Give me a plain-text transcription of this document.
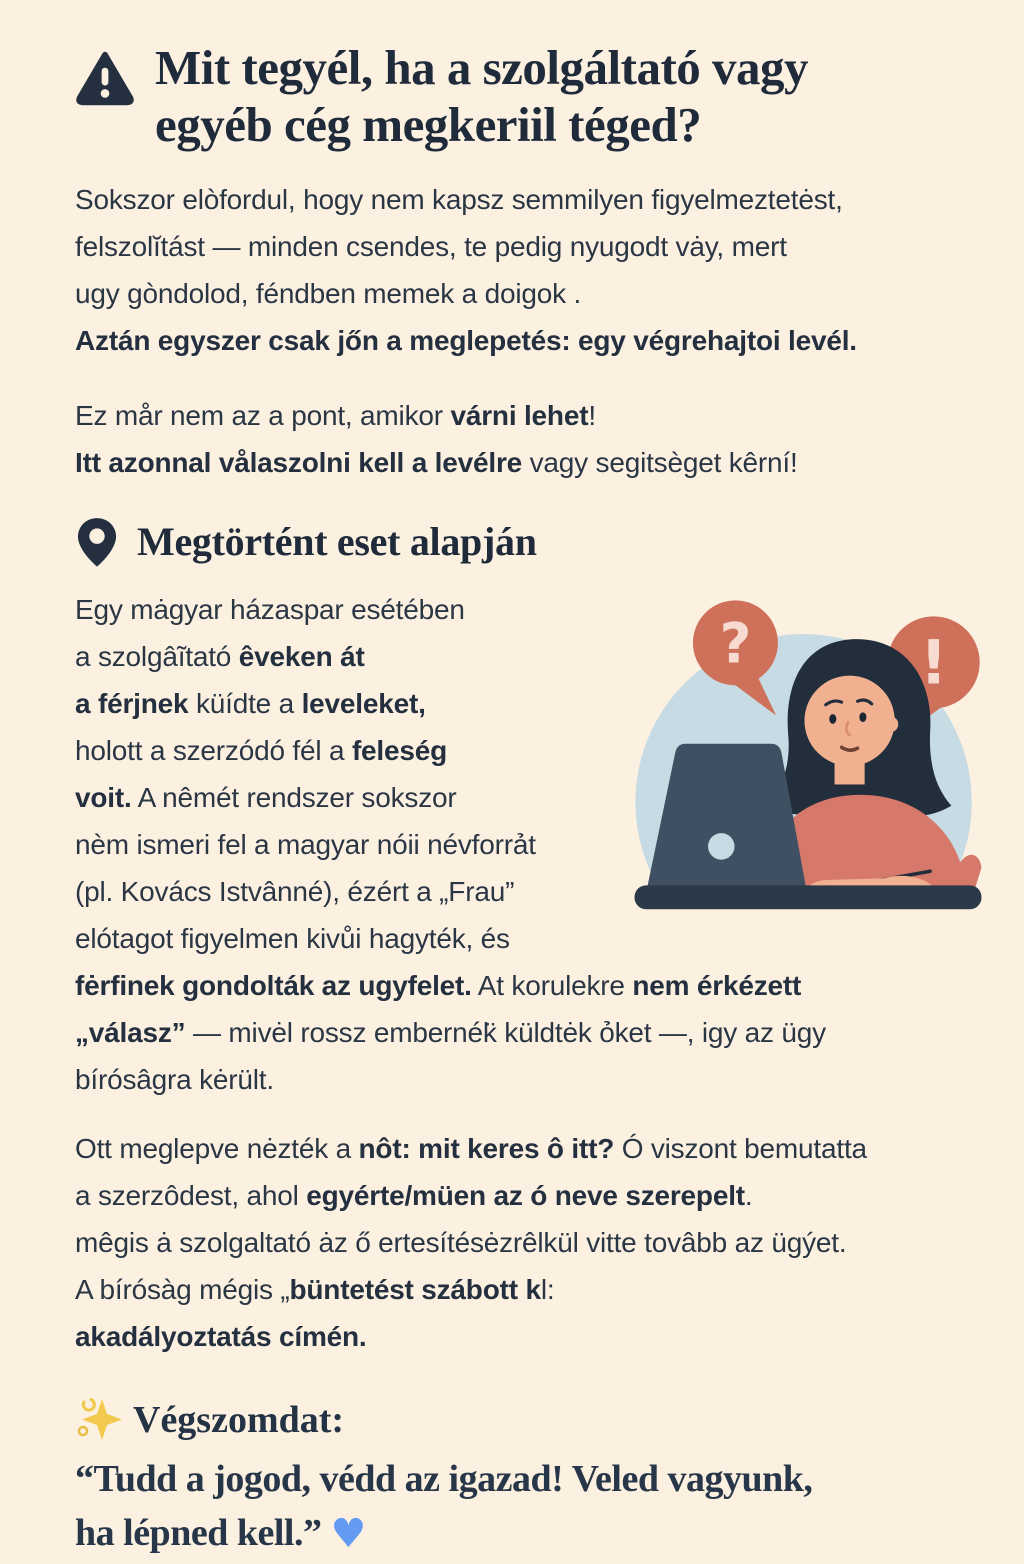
Mit tegyél, ha a szolgáltató vagy
egyéb cég megkeriil téged?

Sokszor elòfordul, hogy nem kapsz semmilyen figyelmeztetėst,
felszolĭtást — minden csendes, te pedig nyugodt vȧy, mert
ugy gòndolod, féndben memek a doigok .
Aztán egyszer csak jőn a meglepetés: egy végrehajtoi levél.

Ez mår nem az a pont, amikor várni lehet!
Itt azonnal vålaszolni kell a levélre vagy segitsèget kêrní!

Megtörtént eset alapján

? !
Egy mȧgyar házaspar esétében
a szolgâĩtató êveken át
a férjnek küídte a leveleket,
holott a szerzódó fél a feleség
voit. A nêmét rendszer sokszor
nèm ismeri fel a magyar nóii névforrảt
(pl. Kovács Istvânné), ézért a „Frau”
elótagot figyelmen kivůi hagyték, és
fėrfinek gondolták az ugyfelet. At korulekre nem érkézett
„válasz” — mivėl rossz embernék̈ küldtėk ỏket —, igy az ügy
bírósâgra kėrült.

Ott meglepve nėzték a nôt: mit keres ô itt? Ó viszont bemutatta
a szerzôdest, ahol egyérte/müen az ó neve szerepelt.
mêgis ȧ szolgaltató ȧz ő ertesítésėzrêlkül vitte tovâbb az ügýet.
A bírósàg mégis „büntetést szábott kl:
akadályoztatás címén.

Végszomdat:

“Tudd a jogod, védd az igazad! Veled vagyunk,
ha lépned kell.” ♥
